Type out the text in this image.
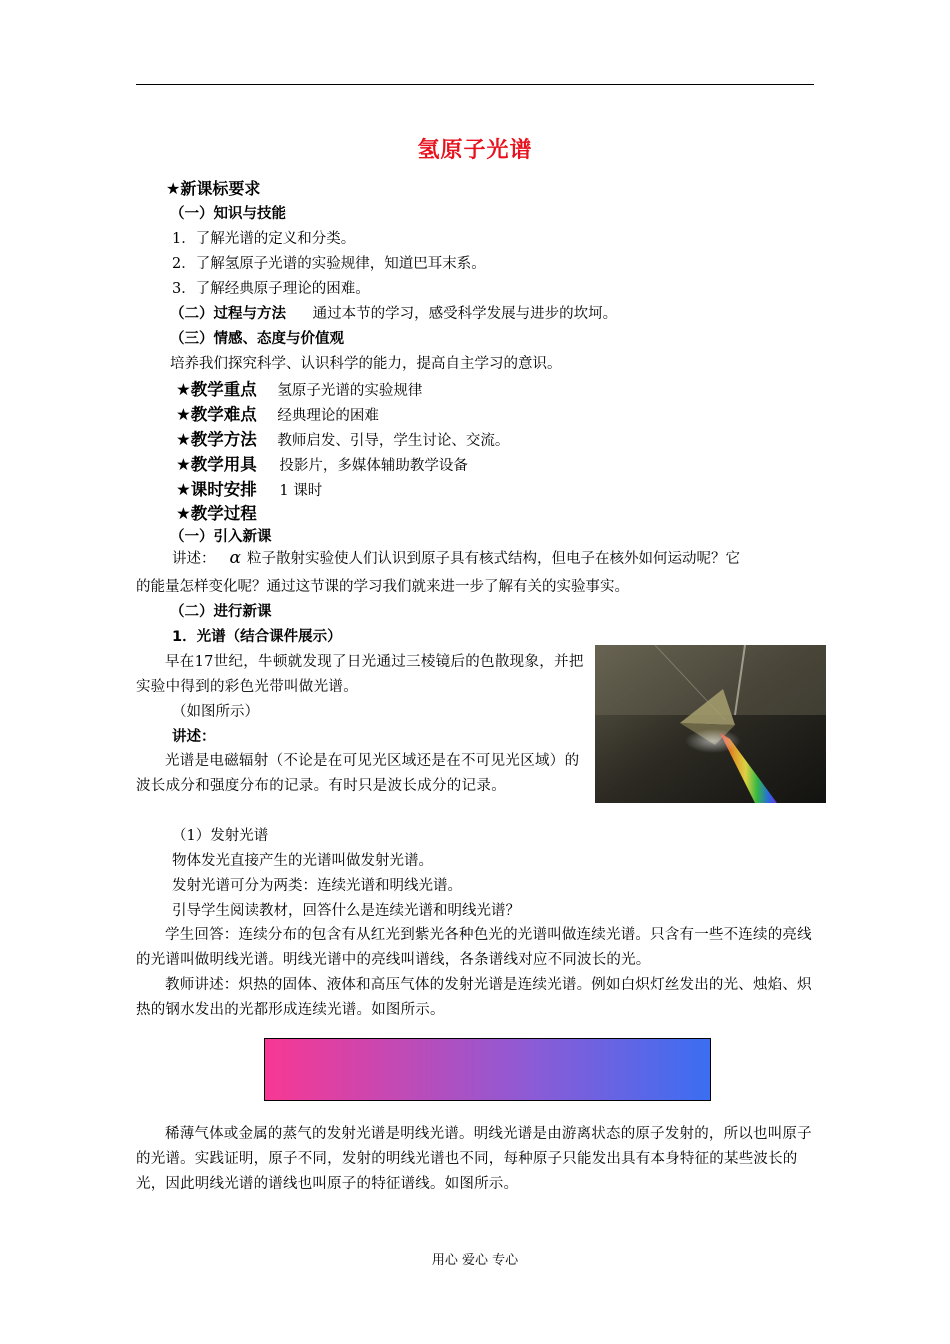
氢原子光谱
★新课标要求
（一）知识与技能
1．了解光谱的定义和分类。
2．了解氢原子光谱的实验规律，知道巴耳末系。
3．了解经典原子理论的困难。
（二）过程与方法 通过本节的学习，感受科学发展与进步的坎坷。
（三）情感、态度与价值观
培养我们探究科学、认识科学的能力，提高自主学习的意识。
★教学重点 氢原子光谱的实验规律
★教学难点 经典理论的困难
★教学方法 教师启发、引导，学生讨论、交流。
★教学用具 投影片，多媒体辅助教学设备
★课时安排 1 课时
★教学过程
（一）引入新课
讲述： α 粒子散射实验使人们认识到原子具有核式结构，但电子在核外如何运动呢？它
的能量怎样变化呢？通过这节课的学习我们就来进一步了解有关的实验事实。
（二）进行新课
1．光谱（结合课件展示）
早在17世纪，牛顿就发现了日光通过三棱镜后的色散现象，并把实验中得到的彩色光带叫做光谱。
（如图所示）
讲述：
光谱是电磁辐射（不论是在可见光区域还是在不可见光区域）的波长成分和强度分布的记录。有时只是波长成分的记录。
（1）发射光谱
物体发光直接产生的光谱叫做发射光谱。
发射光谱可分为两类：连续光谱和明线光谱。
引导学生阅读教材，回答什么是连续光谱和明线光谱？
学生回答：连续分布的包含有从红光到紫光各种色光的光谱叫做连续光谱。只含有一些不连续的亮线的光谱叫做明线光谱。明线光谱中的亮线叫谱线，各条谱线对应不同波长的光。
教师讲述：炽热的固体、液体和高压气体的发射光谱是连续光谱。例如白炽灯丝发出的光、烛焰、炽热的钢水发出的光都形成连续光谱。如图所示。
稀薄气体或金属的蒸气的发射光谱是明线光谱。明线光谱是由游离状态的原子发射的，所以也叫原子的光谱。实践证明，原子不同，发射的明线光谱也不同，每种原子只能发出具有本身特征的某些波长的光，因此明线光谱的谱线也叫原子的特征谱线。如图所示。
用心 爱心 专心
